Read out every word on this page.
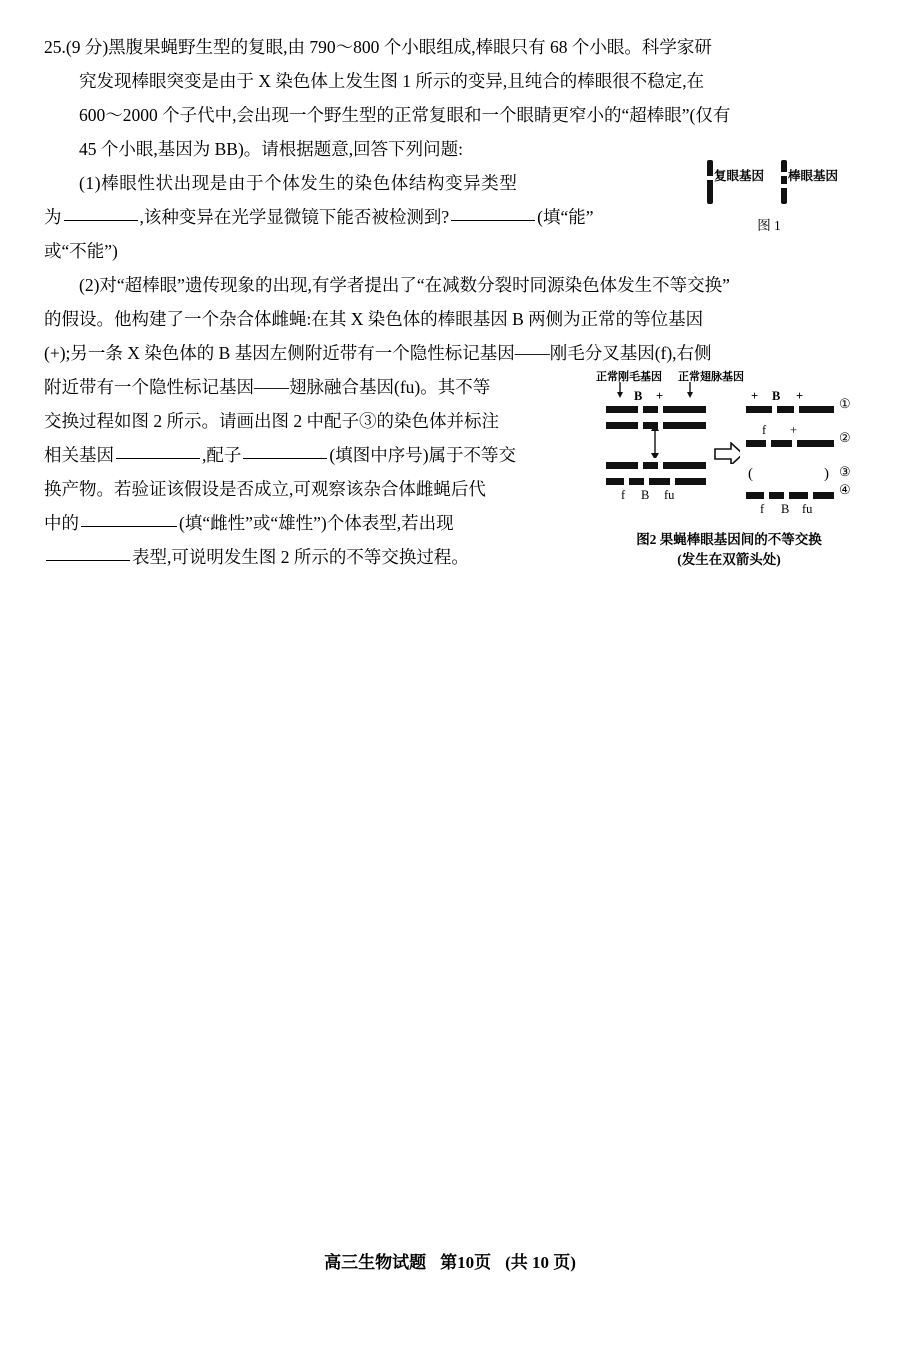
25.(9 分)黑腹果蝇野生型的复眼,由 790～800 个小眼组成,棒眼只有 68 个小眼。科学家研

究发现棒眼突变是由于 X 染色体上发生图 1 所示的变异,且纯合的棒眼很不稳定,在

600～2000 个子代中,会出现一个野生型的正常复眼和一个眼睛更窄小的“超棒眼”(仅有

45 个小眼,基因为 BB)。请根据题意,回答下列问题:

(1)棒眼性状出现是由于个体发生的染色体结构变异类型

为	,该种变异在光学显微镜下能否被检测到?	(填“能”

或“不能”)

(2)对“超棒眼”遗传现象的出现,有学者提出了“在减数分裂时同源染色体发生不等交换”

的假设。他构建了一个杂合体雌蝇:在其 X 染色体的棒眼基因 B 两侧为正常的等位基因

(+);另一条 X 染色体的 B 基因左侧附近带有一个隐性标记基因——刚毛分叉基因(f),右侧

附近带有一个隐性标记基因——翅脉融合基因(fu)。其不等

交换过程如图 2 所示。请画出图 2 中配子③的染色体并标注

相关基因	,配子	(填图中序号)属于不等交

换产物。若验证该假设是否成立,可观察该杂合体雌蝇后代

中的	(填“雌性”或“雄性”)个体表型,若出现

表型,可说明发生图 2 所示的不等交换过程。

复眼基因 棒眼基因
图 1
正常刚毛基因 正常翅脉基因
B +
f B fu
+ B +	①
f +	②
(	) ③
f B fu
④
图2 果蝇棒眼基因间的不等交换
(发生在双箭头处)
高三生物试题 第10页 (共 10 页)
